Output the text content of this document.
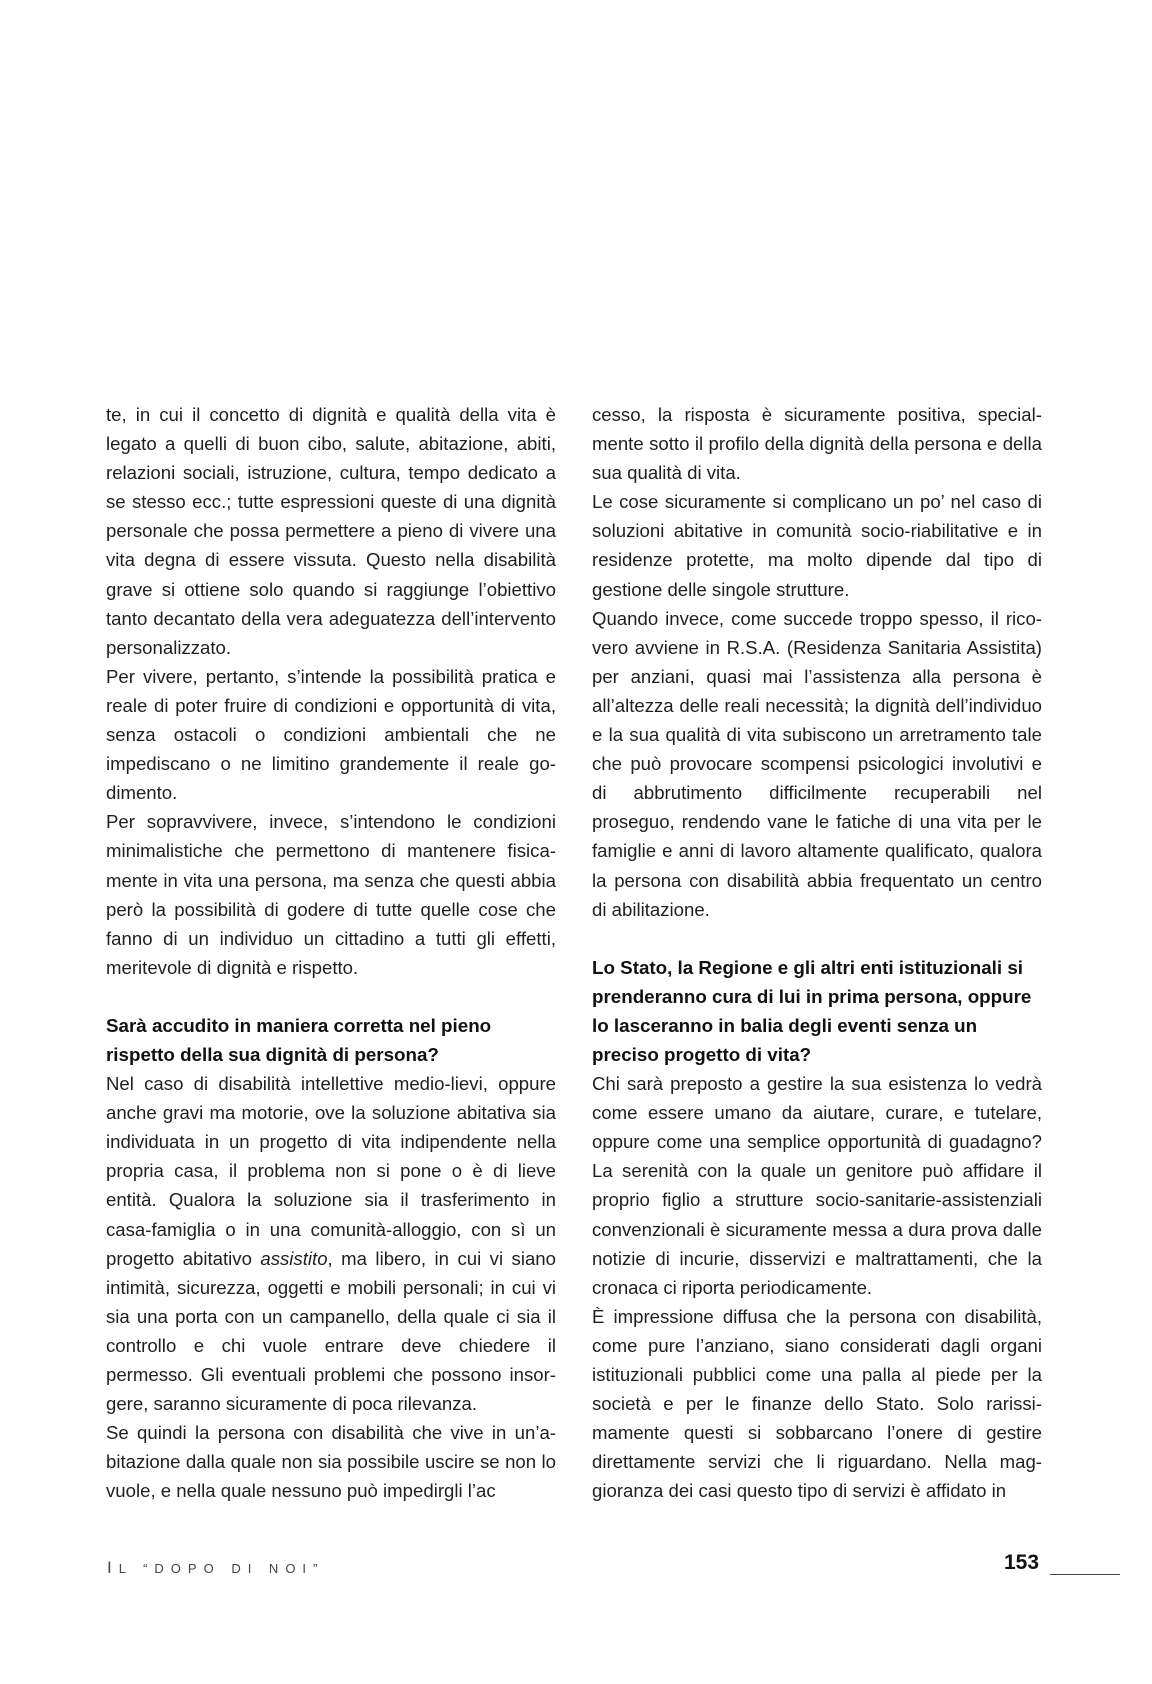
te, in cui il concetto di dignità e qualità della vita è legato a quelli di buon cibo, salute, abitazione, abiti, relazioni sociali, istruzione, cultura, tempo dedicato a se stesso ecc.; tutte espressioni queste di una dignità personale che possa permettere a pieno di vivere una vita degna di essere vissuta. Questo nella disabilità grave si ottiene solo quando si raggiunge l’obiettivo tanto decantato della vera adeguatezza dell’intervento personalizzato.

Per vivere, pertanto, s’intende la possibilità pratica e reale di poter fruire di condizioni e opportunità di vita, senza ostacoli o condizioni ambientali che ne impediscano o ne limitino grandemente il reale godimento.

Per sopravvivere, invece, s’intendono le condizioni minimalistiche che permettono di mantenere fisicamente in vita una persona, ma senza che questi abbia però la possibilità di godere di tutte quelle cose che fanno di un individuo un cittadino a tutti gli effetti, meritevole di dignità e rispetto.

Sarà accudito in maniera corretta nel pieno rispetto della sua dignità di persona?

Nel caso di disabilità intellettive medio-lievi, oppure anche gravi ma motorie, ove la soluzione abitativa sia individuata in un progetto di vita indipendente nella propria casa, il problema non si pone o è di lieve entità. Qualora la soluzione sia il trasferimento in casa-famiglia o in una comunità-alloggio, con sì un progetto abitativo assistito, ma libero, in cui vi siano intimità, sicurezza, oggetti e mobili personali; in cui vi sia una porta con un campanello, della quale ci sia il controllo e chi vuole entrare deve chiedere il permesso. Gli eventuali problemi che possono insorgere, saranno sicuramente di poca rilevanza.

Se quindi la persona con disabilità che vive in un’abitazione dalla quale non sia possibile uscire se non lo vuole, e nella quale nessuno può impedirgli l’ac

cesso, la risposta è sicuramente positiva, specialmente sotto il profilo della dignità della persona e della sua qualità di vita.

Le cose sicuramente si complicano un po’ nel caso di soluzioni abitative in comunità socio-riabilitative e in residenze protette, ma molto dipende dal tipo di gestione delle singole strutture.

Quando invece, come succede troppo spesso, il ricovero avviene in R.S.A. (Residenza Sanitaria Assistita) per anziani, quasi mai l’assistenza alla persona è all’altezza delle reali necessità; la dignità dell’individuo e la sua qualità di vita subiscono un arretramento tale che può provocare scompensi psicologici involutivi e di abbrutimento difficilmente recuperabili nel proseguo, rendendo vane le fatiche di una vita per le famiglie e anni di lavoro altamente qualificato, qualora la persona con disabilità abbia frequentato un centro di abilitazione.

Lo Stato, la Regione e gli altri enti istituzionali si prenderanno cura di lui in prima persona, oppure lo lasceranno in balia degli eventi senza un preciso progetto di vita?

Chi sarà preposto a gestire la sua esistenza lo vedrà come essere umano da aiutare, curare, e tutelare, oppure come una semplice opportunità di guadagno? La serenità con la quale un genitore può affidare il proprio figlio a strutture socio-sanitarie-assistenziali convenzionali è sicuramente messa a dura prova dalle notizie di incurie, disservizi e maltrattamenti, che la cronaca ci riporta periodicamente.

È impressione diffusa che la persona con disabilità, come pure l’anziano, siano considerati dagli organi istituzionali pubblici come una palla al piede per la società e per le finanze dello Stato. Solo rarissimamente questi si sobbarcano l’onere di gestire direttamente servizi che li riguardano. Nella maggioranza dei casi questo tipo di servizi è affidato in

IL “DOPO DI NOI”	153
